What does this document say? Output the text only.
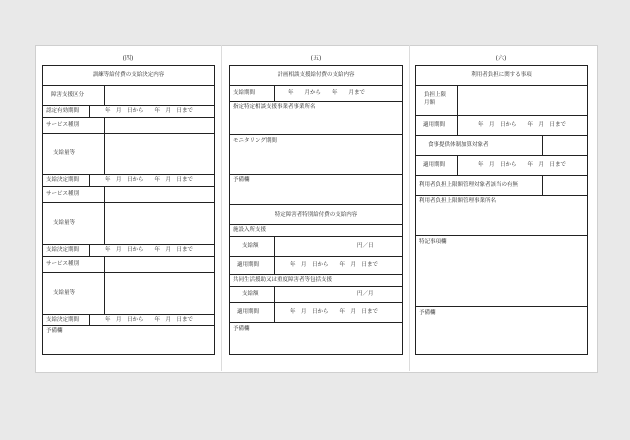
(四)
訓練等給付費の支給決定内容
障害支援区分
認定有効期間	年　月　日から　　年　月　日まで
サービス種別
支給量等
支給決定期間	年　月　日から　　年　月　日まで
サービス種別
支給量等
支給決定期間	年　月　日から　　年　月　日まで
サービス種別
支給量等
支給決定期間	年　月　日から　　年　月　日まで
予備欄
(五)
計画相談支援給付費の支給内容
支給期間	年　　月から　　年　　月まで
指定特定相談支援事業者事業所名
モニタリング期間
予備欄
特定障害者特別給付費の支給内容
施設入所支援
支給額	円／日
適用期間	年　月　日から　　年　月　日まで
共同生活援助又は重度障害者等包括支援
支給額	円／月
適用期間	年　月　日から　　年　月　日まで
予備欄
(六)
利用者負担に関する事項
負担上限月額
適用期間	年　月　日から　　年　月　日まで
食事提供体制加算対象者
適用期間	年　月　日から　　年　月　日まで
利用者負担上限額管理対象者該当の有無
利用者負担上限額管理事業所名
特記事項欄
予備欄
